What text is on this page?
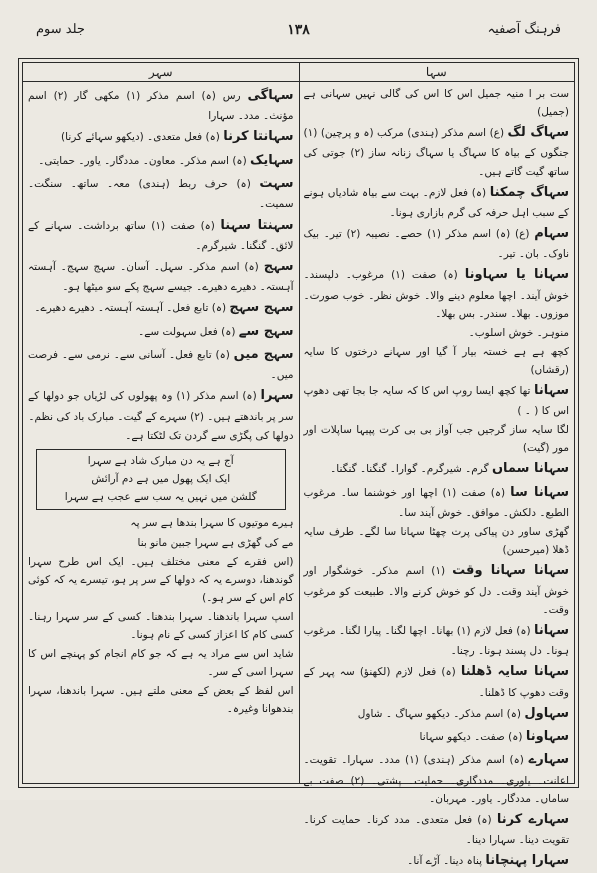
جلد سوم	۱۳۸	فرہنگ آصفیہ
سہر	سہا

ست بر ا منیہ جمیل اس کا اس کی گالی نہیں سہانی ہے (جمیل)

سہاگ لگ (ع) اسم مذکر (ہندی) مرکب (ہ و پرچین) (۱) جنگوں کے بیاہ کا سہاگ یا سہاگ زنانہ ساز (۲) جوتی کی ساتھ گیت گاتے ہیں۔

سہاگ چمکنا (ہ) فعل لازم۔ بہت سے بیاہ شادیاں ہونے کے سبب اہل حرفہ کی گرم بازاری ہونا۔

سہام (ع) (ہ) اسم مذکر (۱) حصے۔ نصیبہ (۲) تیر۔ بیک ناوک۔ بان۔ تیر۔

سہانا یا سہاونا (ہ) صفت (۱) مرغوب۔ دلپسند۔ خوش آیند۔ اچھا معلوم دینے والا۔ خوش نظر۔ خوب صورت۔ موزوں۔ بھلا۔ سندر۔ بس بھلا۔

منوہر۔ خوش اسلوب۔

کچھ ہے ہے خستہ بیار آ گیا اور سہانے درختوں کا سایہ (رقشاں)

سہانا تھا کچھ ایسا روپ اس کا کہ سایہ جا بجا تھی دھوپ اس کا ( ۔ )

لگا سایہ ساز گرجیں جب آواز بی بی کرت پپیہا ساپلات اور مور (گیت)

سہانا سماں گرم۔ شیرگرم۔ گوارا۔ گنگنا۔ گنگنا۔

سہانا سا (ہ) صفت (۱) اچھا اور خوشنما سا۔ مرغوب الطبع۔ دلکش۔ موافق۔ خوش آیند سا۔

گھڑی ساور دن پیاکی پرت چھٹا سہانا سا لگے۔ طرف سایہ ڈھلا (میرحسن)

سہانا سہانا وقت (۱) اسم مذکر۔ خوشگوار اور خوش آیند وقت۔ دل کو خوش کرنے والا۔ طبیعت کو مرغوب وقت۔

سہانا (ہ) فعل لازم (۱) بھانا۔ اچھا لگنا۔ پیارا لگنا۔ مرغوب ہونا۔ دل پسند ہونا۔ رچنا۔

سہانا سایہ ڈھلنا (ہ) فعل لازم (لکھنؤ) سہ پہر کے وقت دھوپ کا ڈھلنا۔

سہاول (ہ) اسم مذکر۔ دیکھو سہاگ ۔ شاول

سہاونا (ہ) صفت۔ دیکھو سہانا

سہارے (ہ) اسم مذکر (ہندی) (۱) مدد۔ سہارا۔ تقویت۔ اعانت۔ یاوری۔ مددگاری۔ حمایت۔ پشتی۔ (۲) صفت بے ساماں۔ مددگار۔ یاور۔ مہربان۔

سہارے کرنا (ہ) فعل متعدی۔ مدد کرنا۔ حمایت کرنا۔ تقویت دینا۔ سہارا دینا۔

سہارا پہنچانا پناہ دینا۔ آڑے آنا۔

سہاگی رس (ہ) اسم مذکر (۱) مکھی گار (۲) اسم مؤنث۔ مدد۔ سہارا

سہانتا کرنا (ہ) فعل متعدی۔ (دیکھو سہائے کرنا)

سہایک (ہ) اسم مذکر۔ معاون۔ مددگار۔ یاور۔ حمایتی۔

سہت (ہ) حرف ربط (ہندی) معہ۔ ساتھ۔ سنگت۔ سمیت۔

سہنتا سہنا (ہ) صفت (۱) ساتھ برداشت۔ سہانے کے لائق۔ گنگنا۔ شیرگرم۔

سہج (ہ) اسم مذکر۔ سہل۔ آسان۔ سہج سہج۔ آہستہ آہستہ۔ دھیرے دھیرے۔ جیسے سہج پکے سو میٹھا ہو۔

سہج سہج (ہ) تابع فعل۔ آہستہ آہستہ۔ دھیرے دھیرے۔

سہج سے (ہ) فعل سہولت سے۔

سہج میں (ہ) تابع فعل۔ آسانی سے۔ نرمی سے۔ فرصت میں۔

سہرا (ہ) اسم مذکر (۱) وہ پھولوں کی لڑیاں جو دولھا کے سر پر باندھتے ہیں۔ (۲) سہرے کے گیت۔ مبارک باد کی نظم۔

دولھا کی پگڑی سے گردن تک لٹکتا ہے۔

آج ہے یہ دن مبارک شاد ہے سہرا
ایک ایک پھول میں ہے دم آرائش
گلشن میں نہیں یہ سب سے عجب ہے سہرا

ہیرے موتیوں کا سہرا بندھا ہے سر پہ

مے کی گھڑی ہے سہرا جبین مانو بنا

(اس فقرے کے معنی مختلف ہیں۔ ایک اس طرح سہرا گوندھنا، دوسرے یہ کہ دولھا کے سر پر ہو، تیسرے یہ کہ کوئی کام اس کے سر ہو۔)

اسپ سہرا باندھنا۔ سہرا بندھنا۔ کسی کے سر سہرا رہنا۔ کسی کام کا اعزاز کسی کے نام ہونا۔

شاید اس سے مراد یہ ہے کہ جو کام انجام کو پہنچے اس کا سہرا اسی کے سر۔

اس لفظ کے بعض کے معنی ملتے ہیں۔ سہرا باندھنا، سہرا بندھوانا وغیرہ۔
